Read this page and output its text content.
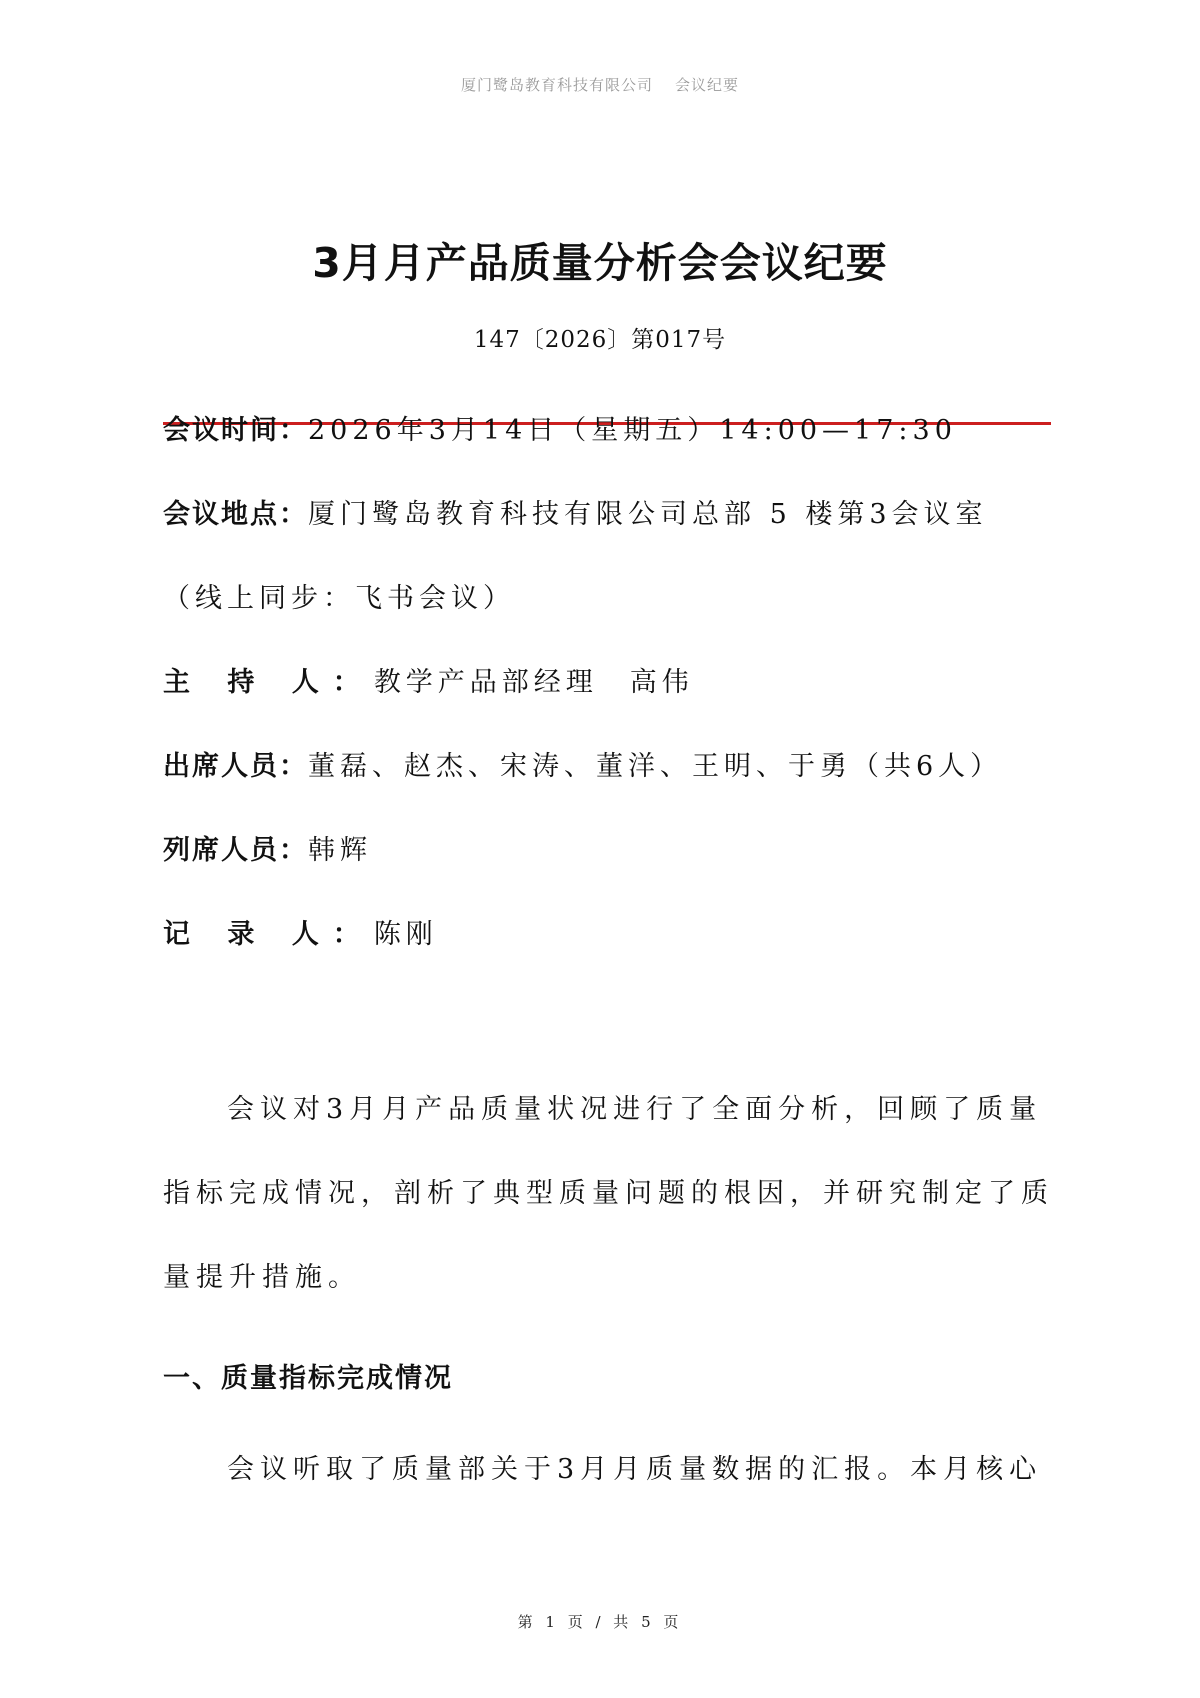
厦门鹭岛教育科技有限公司 会议纪要
3月月产品质量分析会会议纪要
147〔2026〕第017号
会议时间：2026年3月14日（星期五）14:00—17:30
会议地点：厦门鹭岛教育科技有限公司总部 5 楼第3会议室
（线上同步：飞书会议）
主 持 人：教学产品部经理　高伟
出席人员：董磊、赵杰、宋涛、董洋、王明、于勇（共6人）
列席人员：韩辉
记 录 人：陈刚
会议对3月月产品质量状况进行了全面分析，回顾了质量
指标完成情况，剖析了典型质量问题的根因，并研究制定了质
量提升措施。
一、质量指标完成情况
会议听取了质量部关于3月月质量数据的汇报。本月核心
第 1 页 / 共 5 页
